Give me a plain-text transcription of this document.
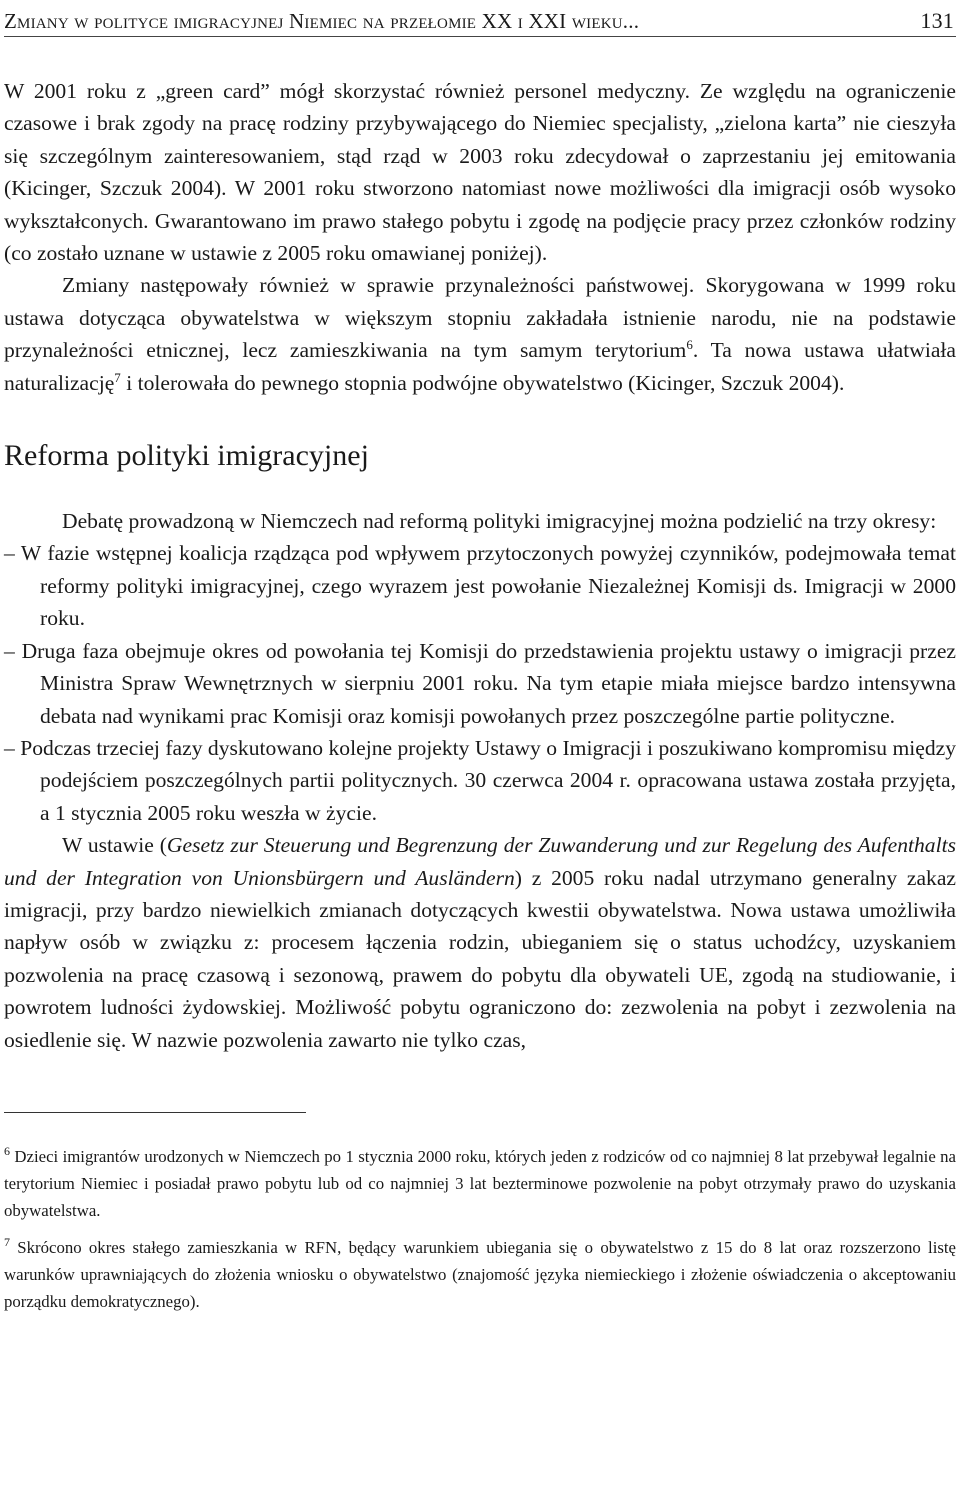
Zmiany w polityce imigracyjnej Niemiec na przełomie XX i XXI wieku...	131

W 2001 roku z „green card” mógł skorzystać również personel medyczny. Ze względu na ograniczenie czasowe i brak zgody na pracę rodziny przybywającego do Niemiec specjalisty, „zielona karta” nie cieszyła się szczególnym zainteresowaniem, stąd rząd w 2003 roku zdecydował o zaprzestaniu jej emitowania (Kicinger, Szczuk 2004). W 2001 roku stworzono natomiast nowe możliwości dla imigracji osób wysoko wykształconych. Gwarantowano im prawo stałego pobytu i zgodę na podjęcie pracy przez członków rodziny (co zostało uznane w ustawie z 2005 roku omawianej poniżej).

Zmiany następowały również w sprawie przynależności państwowej. Skorygowana w 1999 roku ustawa dotycząca obywatelstwa w większym stopniu zakładała istnienie narodu, nie na podstawie przynależności etnicznej, lecz zamieszkiwania na tym samym terytorium$^6$. Ta nowa ustawa ułatwiała naturalizację$^7$ i tolerowała do pewnego stopnia podwójne obywatelstwo (Kicinger, Szczuk 2004).

Reforma polityki imigracyjnej

Debatę prowadzoną w Niemczech nad reformą polityki imigracyjnej można podzielić na trzy okresy:

– W fazie wstępnej koalicja rządząca pod wpływem przytoczonych powyżej czynników, podejmowała temat reformy polityki imigracyjnej, czego wyrazem jest powołanie Niezależnej Komisji ds. Imigracji w 2000 roku.

– Druga faza obejmuje okres od powołania tej Komisji do przedstawienia projektu ustawy o imigracji przez Ministra Spraw Wewnętrznych w sierpniu 2001 roku. Na tym etapie miała miejsce bardzo intensywna debata nad wynikami prac Komisji oraz komisji powołanych przez poszczególne partie polityczne.

– Podczas trzeciej fazy dyskutowano kolejne projekty Ustawy o Imigracji i poszukiwano kompromisu między podejściem poszczególnych partii politycznych. 30 czerwca 2004 r. opracowana ustawa została przyjęta, a 1 stycznia 2005 roku weszła w życie.

W ustawie (Gesetz zur Steuerung und Begrenzung der Zuwanderung und zur Regelung des Aufenthalts und der Integration von Unionsbürgern und Ausländern) z 2005 roku nadal utrzymano generalny zakaz imigracji, przy bardzo niewielkich zmianach dotyczących kwestii obywatelstwa. Nowa ustawa umożliwiła napływ osób w związku z: procesem łączenia rodzin, ubieganiem się o status uchodźcy, uzyskaniem pozwolenia na pracę czasową i sezonową, prawem do pobytu dla obywateli UE, zgodą na studiowanie, i powrotem ludności żydowskiej. Możliwość pobytu ograniczono do: zezwolenia na pobyt i zezwolenia na osiedlenie się. W nazwie pozwolenia zawarto nie tylko czas,

$^6$ Dzieci imigrantów urodzonych w Niemczech po 1 stycznia 2000 roku, których jeden z rodziców od co najmniej 8 lat przebywał legalnie na terytorium Niemiec i posiadał prawo pobytu lub od co najmniej 3 lat bezterminowe pozwolenie na pobyt otrzymały prawo do uzyskania obywatelstwa.

$^7$ Skrócono okres stałego zamieszkania w RFN, będący warunkiem ubiegania się o obywatelstwo z 15 do 8 lat oraz rozszerzono listę warunków uprawniających do złożenia wniosku o obywatelstwo (znajomość języka niemieckiego i złożenie oświadczenia o akceptowaniu porządku demokratycznego).
